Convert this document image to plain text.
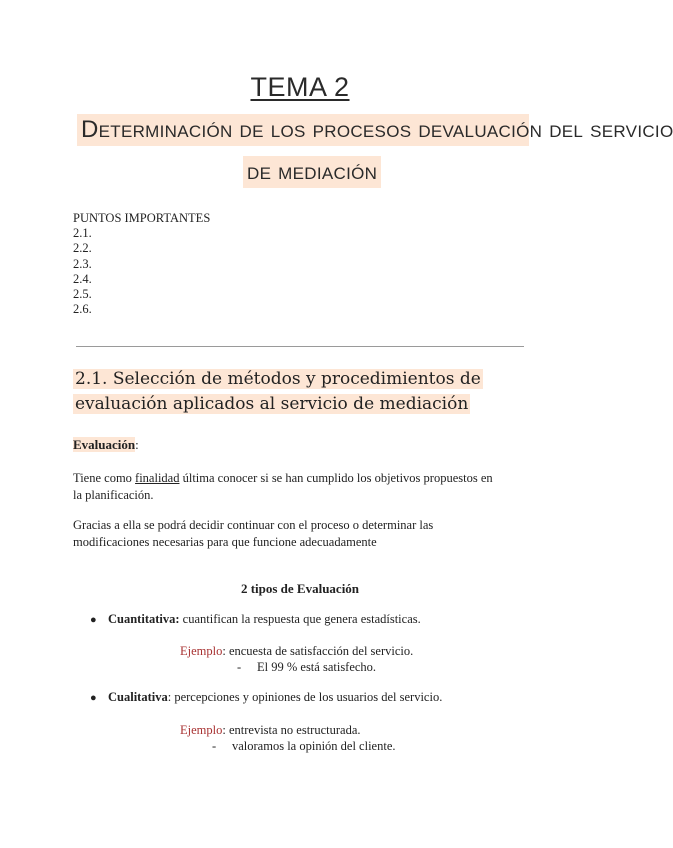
TEMA 2
Determinación de los procesos devaluación del servicio
de mediación
PUNTOS IMPORTANTES
2.1.
2.2.
2.3.
2.4.
2.5.
2.6.
2.1. Selección de métodos y procedimientos de
evaluación aplicados al servicio de mediación
Evaluación:
Tiene como finalidad última conocer si se han cumplido los objetivos propuestos en
la planificación.
Gracias a ella se podrá decidir continuar con el proceso o determinar las
modificaciones necesarias para que funcione adecuadamente
2 tipos de Evaluación
● Cuantitativa: cuantifican la respuesta que genera estadísticas.
Ejemplo: encuesta de satisfacción del servicio.
- El 99 % está satisfecho.
● Cualitativa: percepciones y opiniones de los usuarios del servicio.
Ejemplo: entrevista no estructurada.
- valoramos la opinión del cliente.
